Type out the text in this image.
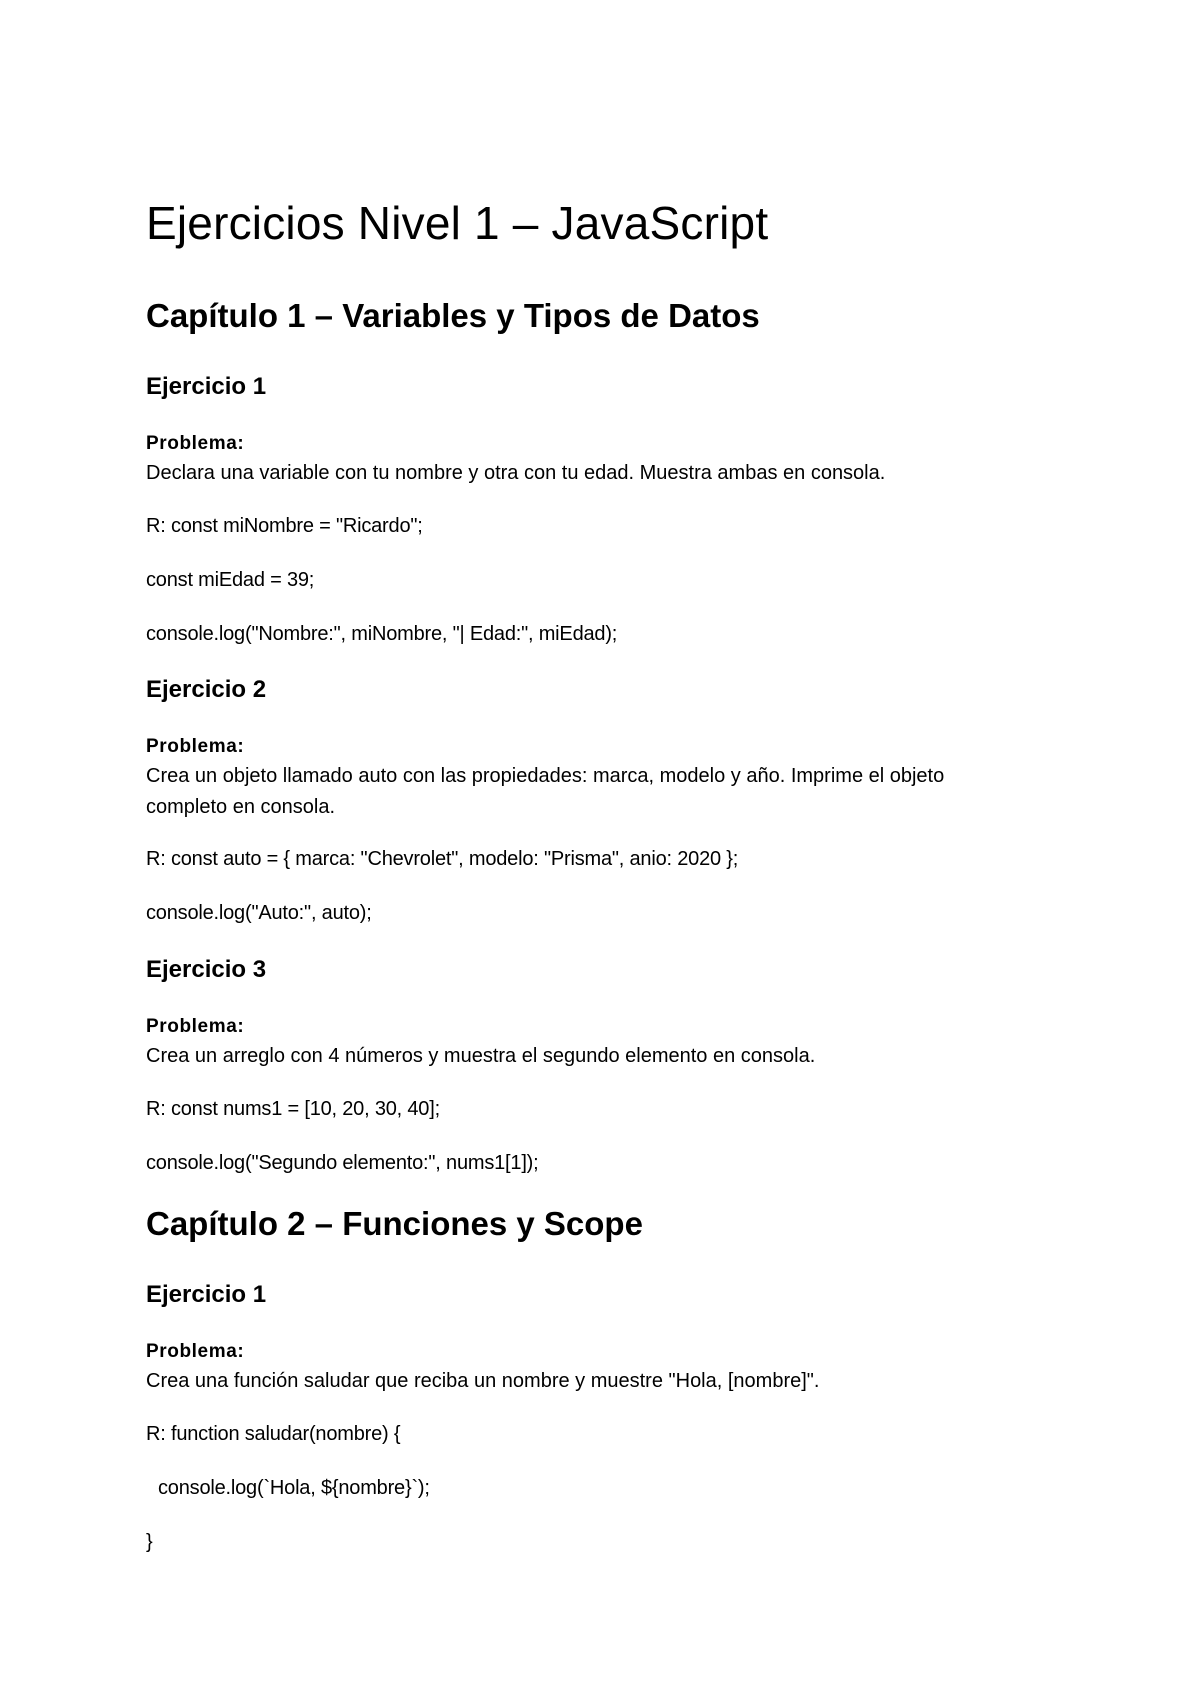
Ejercicios Nivel 1 – JavaScript
Capítulo 1 – Variables y Tipos de Datos
Ejercicio 1
Problema:
Declara una variable con tu nombre y otra con tu edad. Muestra ambas en consola.
R: const miNombre = "Ricardo";
const miEdad = 39;
console.log("Nombre:", miNombre, "| Edad:", miEdad);
Ejercicio 2
Problema:
Crea un objeto llamado auto con las propiedades: marca, modelo y año. Imprime el objeto completo en consola.
R: const auto = { marca: "Chevrolet", modelo: "Prisma", anio: 2020 };
console.log("Auto:", auto);
Ejercicio 3
Problema:
Crea un arreglo con 4 números y muestra el segundo elemento en consola.
R: const nums1 = [10, 20, 30, 40];
console.log("Segundo elemento:", nums1[1]);
Capítulo 2 – Funciones y Scope
Ejercicio 1
Problema:
Crea una función saludar que reciba un nombre y muestre "Hola, [nombre]".
R: function saludar(nombre) {
console.log(`Hola, ${nombre}`);
}
